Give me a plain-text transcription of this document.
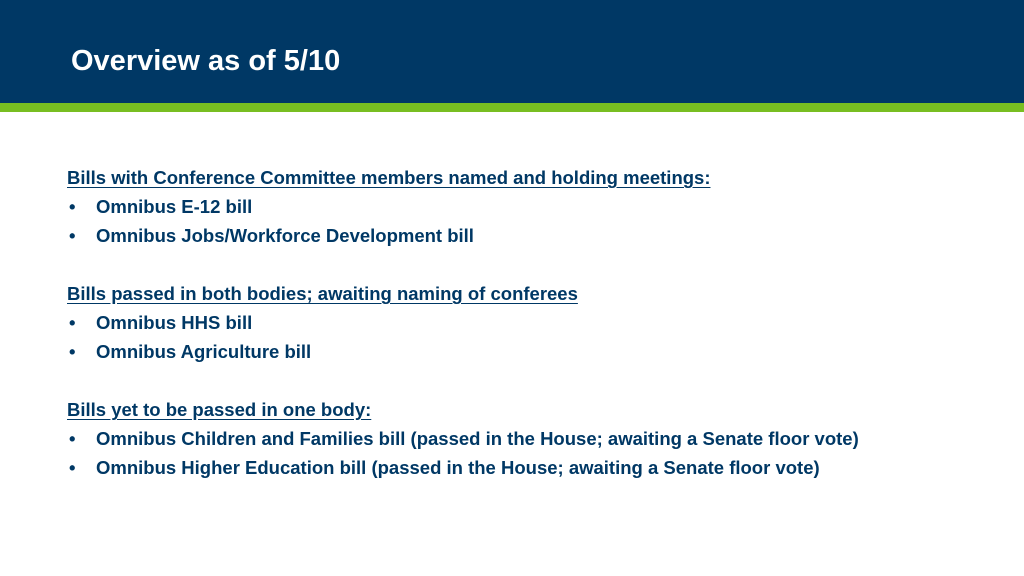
Overview as of 5/10
Bills with Conference Committee members named and holding meetings:
• Omnibus E-12 bill
• Omnibus Jobs/Workforce Development bill
Bills passed in both bodies; awaiting naming of conferees
• Omnibus HHS bill
• Omnibus Agriculture bill
Bills yet to be passed in one body:
• Omnibus Children and Families bill (passed in the House; awaiting a Senate floor vote)
• Omnibus Higher Education bill (passed in the House; awaiting a Senate floor vote)
